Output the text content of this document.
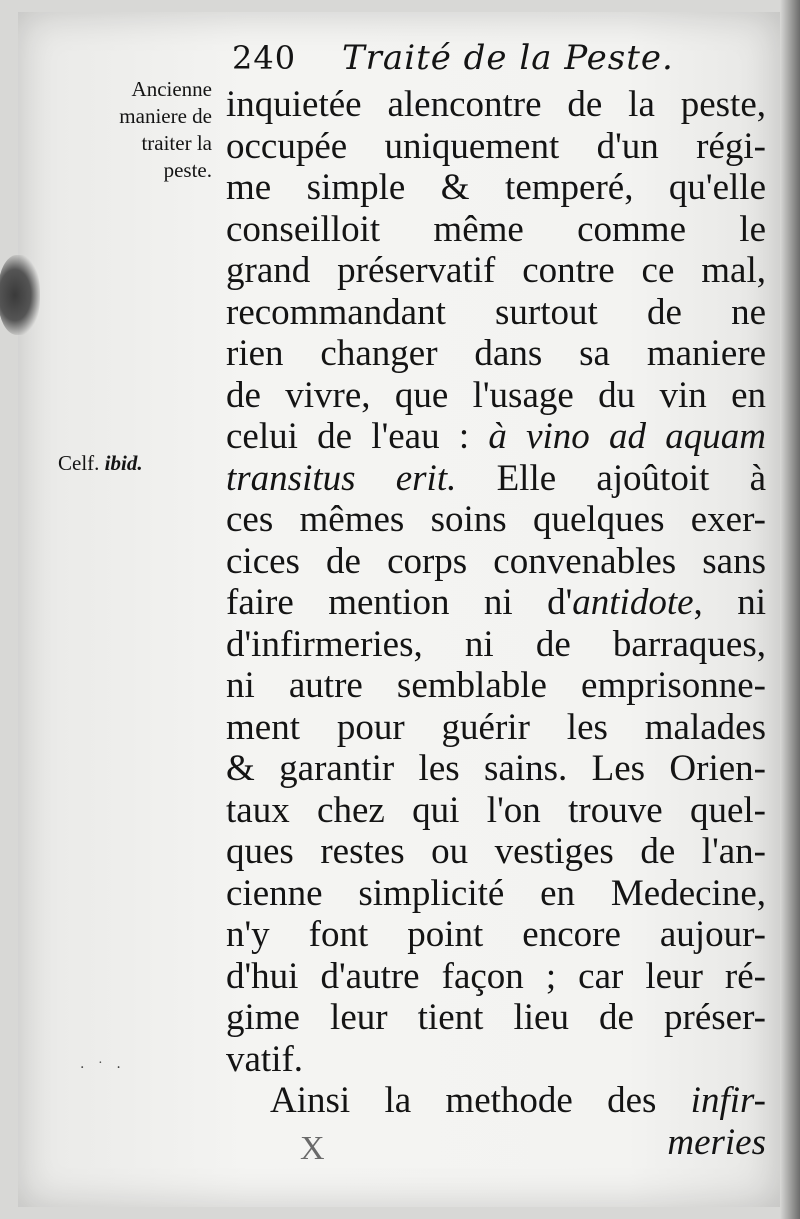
240 Traité de la Peste.
Ancienne
maniere de
traiter la
peste.
Celf. ibid.
inquietée alencontre de la peste,
occupée uniquement d'un régi-
me simple & temperé, qu'elle
conseilloit même comme le
grand préservatif contre ce mal,
recommandant surtout de ne
rien changer dans sa maniere
de vivre, que l'usage du vin en
celui de l'eau : à vino ad aquam
transitus erit. Elle ajoûtoit à
ces mêmes soins quelques exer-
cices de corps convenables sans
faire mention ni d'antidote, ni
d'infirmeries, ni de barraques,
ni autre semblable emprisonne-
ment pour guérir les malades
& garantir les sains. Les Orien-
taux chez qui l'on trouve quel-
ques restes ou vestiges de l'an-
cienne simplicité en Medecine,
n'y font point encore aujour-
d'hui d'autre façon ; car leur ré-
gime leur tient lieu de préser-
vatif.
Ainsi la methode des infir-
meries
· ˙ ·
X
